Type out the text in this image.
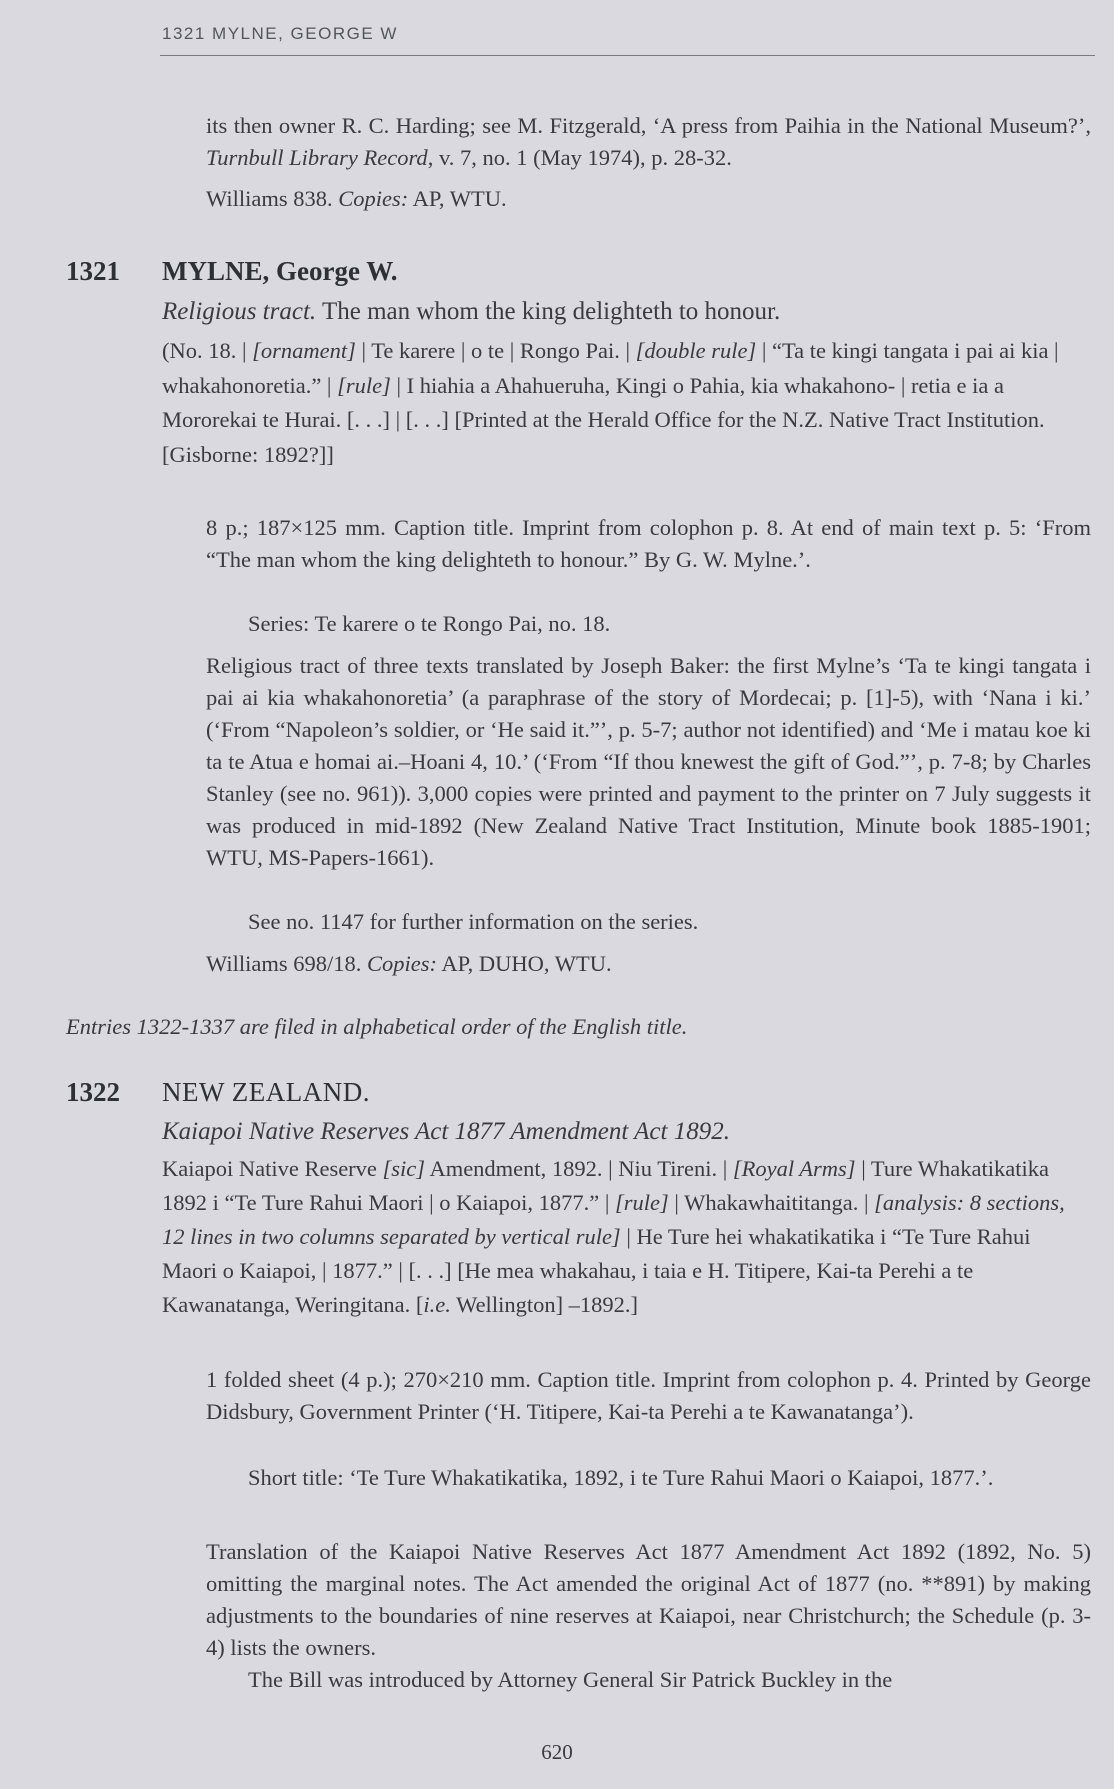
1321 MYLNE, GEORGE W

its then owner R. C. Harding; see M. Fitzgerald, ‘A press from Paihia in the National Museum?’, Turnbull Library Record, v. 7, no. 1 (May 1974), p. 28-32.

Williams 838. Copies: AP, WTU.

1321 MYLNE, George W.

Religious tract. The man whom the king delighteth to honour.

(No. 18. | [ornament] | Te karere | o te | Rongo Pai. | [double rule] | “Ta te kingi tangata i pai ai kia | whakahonoretia.” | [rule] | I hiahia a Ahahueruha, Kingi o Pahia, kia whakahono- | retia e ia a Mororekai te Hurai. [. . .] | [. . .] [Printed at the Herald Office for the N.Z. Native Tract Institution. [Gisborne: 1892?]]

8 p.; 187×125 mm. Caption title. Imprint from colophon p. 8. At end of main text p. 5: ‘From “The man whom the king delighteth to honour.” By G. W. Mylne.’.

Series: Te karere o te Rongo Pai, no. 18.

Religious tract of three texts translated by Joseph Baker: the first Mylne’s ‘Ta te kingi tangata i pai ai kia whakahonoretia’ (a paraphrase of the story of Mordecai; p. [1]-5), with ‘Nana i ki.’ (‘From “Napoleon’s soldier, or ‘He said it.”’, p. 5-7; author not identified) and ‘Me i matau koe ki ta te Atua e homai ai.–Hoani 4, 10.’ (‘From “If thou knewest the gift of God.”’, p. 7-8; by Charles Stanley (see no. 961)). 3,000 copies were printed and payment to the printer on 7 July suggests it was produced in mid-1892 (New Zealand Native Tract Institution, Minute book 1885-1901; WTU, MS-Papers-1661).

See no. 1147 for further information on the series.

Williams 698/18. Copies: AP, DUHO, WTU.

Entries 1322-1337 are filed in alphabetical order of the English title.

1322 NEW ZEALAND.

Kaiapoi Native Reserves Act 1877 Amendment Act 1892.

Kaiapoi Native Reserve [sic] Amendment, 1892. | Niu Tireni. | [Royal Arms] | Ture Whakatikatika 1892 i “Te Ture Rahui Maori | o Kaiapoi, 1877.” | [rule] | Whakawhaititanga. | [analysis: 8 sections, 12 lines in two columns separated by vertical rule] | He Ture hei whakatikatika i “Te Ture Rahui Maori o Kaiapoi, | 1877.” | [. . .] [He mea whakahau, i taia e H. Titipere, Kai-ta Perehi a te Kawanatanga, Weringitana. [i.e. Wellington] –1892.]

1 folded sheet (4 p.); 270×210 mm. Caption title. Imprint from colophon p. 4. Printed by George Didsbury, Government Printer (‘H. Titipere, Kai-ta Perehi a te Kawanatanga’).

Short title: ‘Te Ture Whakatikatika, 1892, i te Ture Rahui Maori o Kaiapoi, 1877.’.

Translation of the Kaiapoi Native Reserves Act 1877 Amendment Act 1892 (1892, No. 5) omitting the marginal notes. The Act amended the original Act of 1877 (no. **891) by making adjustments to the boundaries of nine reserves at Kaiapoi, near Christchurch; the Schedule (p. 3-4) lists the owners.

The Bill was introduced by Attorney General Sir Patrick Buckley in the

620
